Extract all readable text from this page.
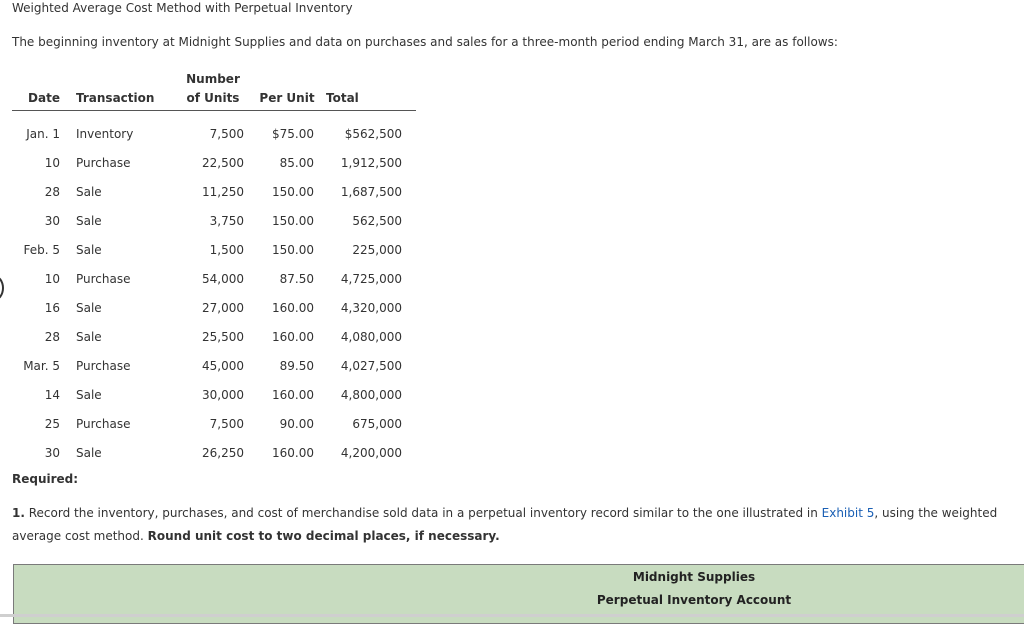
Weighted Average Cost Method with Perpetual Inventory
The beginning inventory at Midnight Supplies and data on purchases and sales for a three-month period ending March 31, are as follows:
		Number		
Date	Transaction	of Units	Per Unit	Total

Jan. 1	Inventory	7,500	$75.00	$562,500
10	Purchase	22,500	85.00	1,912,500
28	Sale	11,250	150.00	1,687,500
30	Sale	3,750	150.00	562,500
Feb. 5	Sale	1,500	150.00	225,000
10	Purchase	54,000	87.50	4,725,000
16	Sale	27,000	160.00	4,320,000
28	Sale	25,500	160.00	4,080,000
Mar. 5	Purchase	45,000	89.50	4,027,500
14	Sale	30,000	160.00	4,800,000
25	Purchase	7,500	90.00	675,000
30	Sale	26,250	160.00	4,200,000
Required:
1. Record the inventory, purchases, and cost of merchandise sold data in a perpetual inventory record similar to the one illustrated in Exhibit 5, using the weighted average cost method. Round unit cost to two decimal places, if necessary.
Midnight Supplies
Perpetual Inventory Account
